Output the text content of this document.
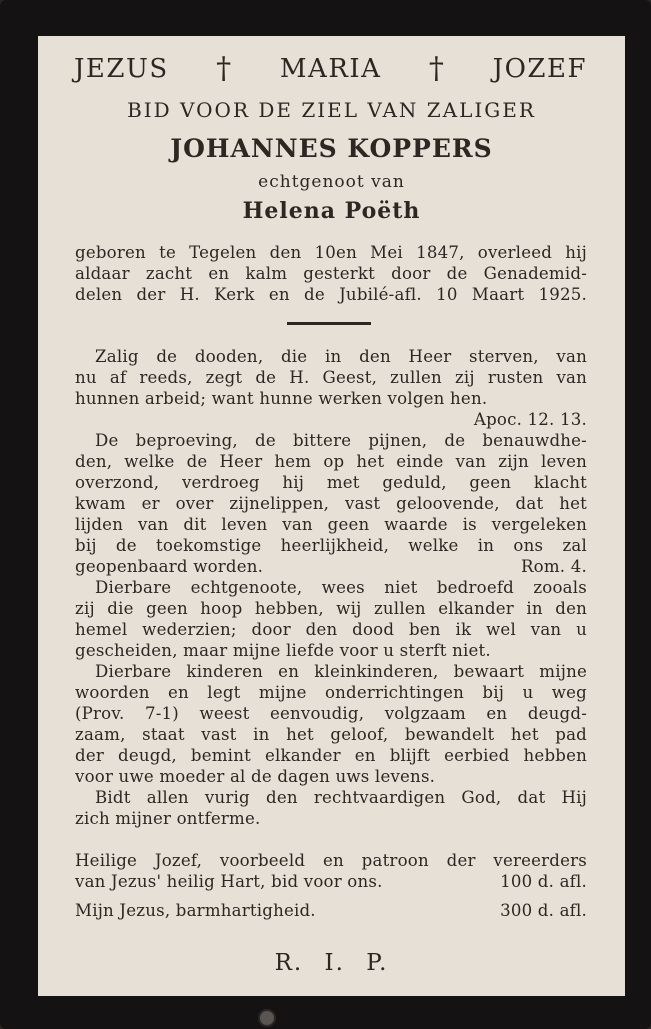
JEZUS † MARIA † JOZEF
BID VOOR DE ZIEL VAN ZALIGER
JOHANNES KOPPERS
echtgenoot van
Helena Poëth
geboren te Tegelen den 10en Mei 1847, overleed hij
aldaar zacht en kalm gesterkt door de Genademid-
delen der H. Kerk en de Jubilé-afl. 10 Maart 1925.
Zalig de dooden, die in den Heer sterven, van
nu af reeds, zegt de H. Geest, zullen zij rusten van
hunnen arbeid; want hunne werken volgen hen.
Apoc. 12. 13.
De beproeving, de bittere pijnen, de benauwdhe-
den, welke de Heer hem op het einde van zijn leven
overzond, verdroeg hij met geduld, geen klacht
kwam er over zijnelippen, vast geloovende, dat het
lijden van dit leven van geen waarde is vergeleken
bij de toekomstige heerlijkheid, welke in ons zal
geopenbaard worden.	Rom. 4.
Dierbare echtgenoote, wees niet bedroefd zooals
zij die geen hoop hebben, wij zullen elkander in den
hemel wederzien; door den dood ben ik wel van u
gescheiden, maar mijne liefde voor u sterft niet.
Dierbare kinderen en kleinkinderen, bewaart mijne
woorden en legt mijne onderrichtingen bij u weg
(Prov. 7-1) weest eenvoudig, volgzaam en deugd-
zaam, staat vast in het geloof, bewandelt het pad
der deugd, bemint elkander en blijft eerbied hebben
voor uwe moeder al de dagen uws levens.
Bidt allen vurig den rechtvaardigen God, dat Hij
zich mijner ontferme.
Heilige Jozef, voorbeeld en patroon der vereerders
van Jezus' heilig Hart, bid voor ons.	100 d. afl.
Mijn Jezus, barmhartigheid.	300 d. afl.
R. I. P.
